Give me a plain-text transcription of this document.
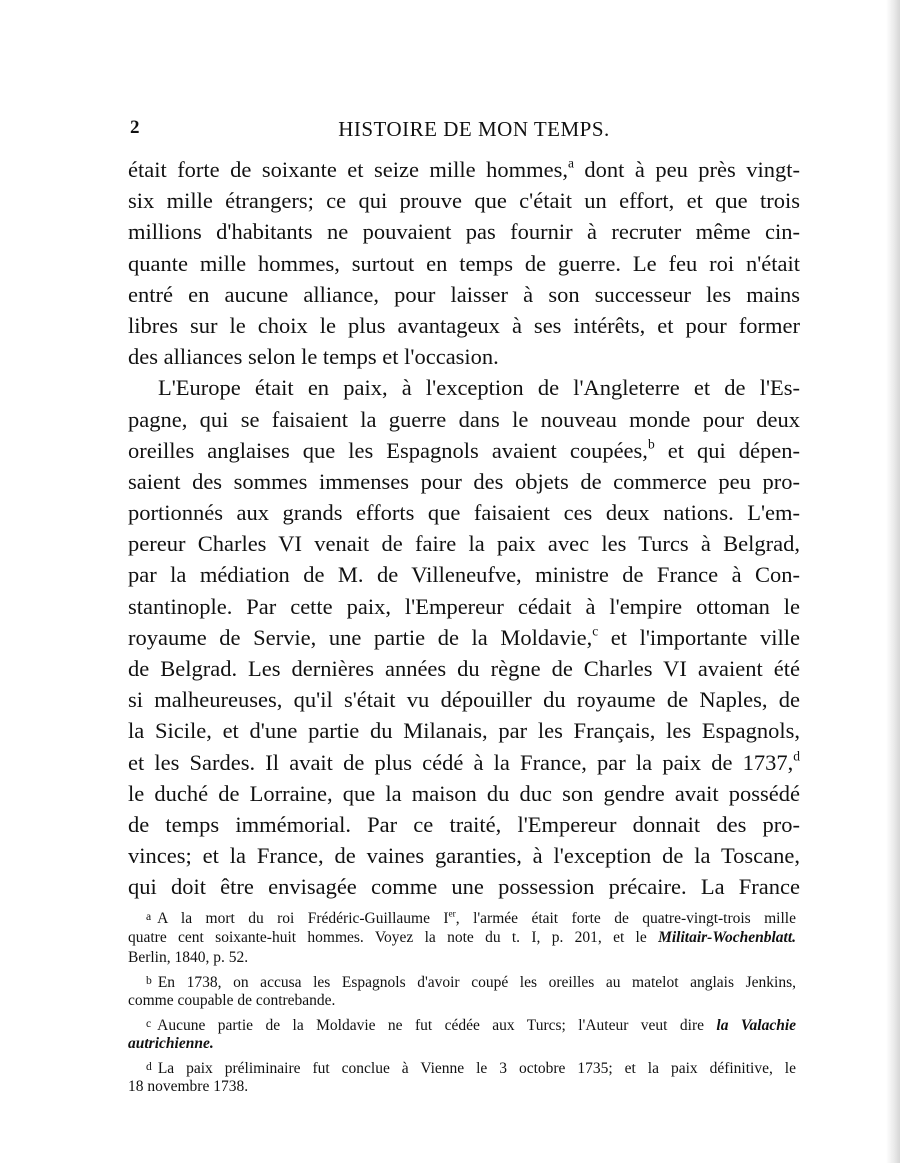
2	HISTOIRE DE MON TEMPS.
était forte de soixante et seize mille hommes,$^a$ dont à peu près vingt-
six mille étrangers; ce qui prouve que c'était un effort, et que trois
millions d'habitants ne pouvaient pas fournir à recruter même cin-
quante mille hommes, surtout en temps de guerre. Le feu roi n'était
entré en aucune alliance, pour laisser à son successeur les mains
libres sur le choix le plus avantageux à ses intérêts, et pour former
des alliances selon le temps et l'occasion.
L'Europe était en paix, à l'exception de l'Angleterre et de l'Es-
pagne, qui se faisaient la guerre dans le nouveau monde pour deux
oreilles anglaises que les Espagnols avaient coupées,$^b$ et qui dépen-
saient des sommes immenses pour des objets de commerce peu pro-
portionnés aux grands efforts que faisaient ces deux nations. L'em-
pereur Charles VI venait de faire la paix avec les Turcs à Belgrad,
par la médiation de M. de Villeneufve, ministre de France à Con-
stantinople. Par cette paix, l'Empereur cédait à l'empire ottoman le
royaume de Servie, une partie de la Moldavie,$^c$ et l'importante ville
de Belgrad. Les dernières années du règne de Charles VI avaient été
si malheureuses, qu'il s'était vu dépouiller du royaume de Naples, de
la Sicile, et d'une partie du Milanais, par les Français, les Espagnols,
et les Sardes. Il avait de plus cédé à la France, par la paix de 1737,$^d$
le duché de Lorraine, que la maison du duc son gendre avait possédé
de temps immémorial. Par ce traité, l'Empereur donnait des pro-
vinces; et la France, de vaines garanties, à l'exception de la Toscane,
qui doit être envisagée comme une possession précaire. La France
a A la mort du roi Frédéric-Guillaume Ier, l'armée était forte de quatre-vingt-trois mille
quatre cent soixante-huit hommes. Voyez la note du t. I, p. 201, et le Militair-Wochenblatt.
Berlin, 1840, p. 52.
b En 1738, on accusa les Espagnols d'avoir coupé les oreilles au matelot anglais Jenkins,
comme coupable de contrebande.
c Aucune partie de la Moldavie ne fut cédée aux Turcs; l'Auteur veut dire la Valachie
autrichienne.
d La paix préliminaire fut conclue à Vienne le 3 octobre 1735; et la paix définitive, le
18 novembre 1738.
